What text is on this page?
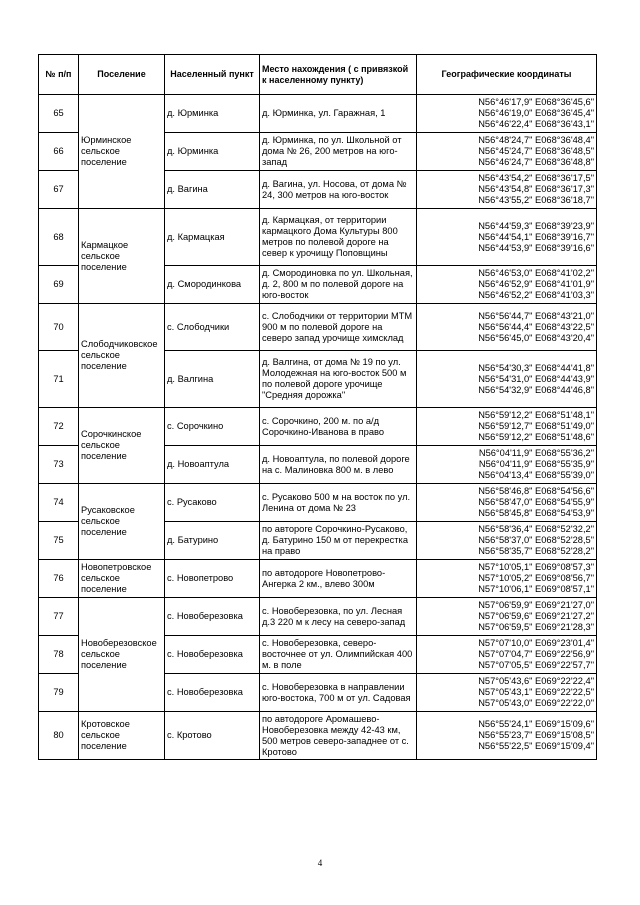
№ п/п	Поселение	Населенный пункт	Место нахождения ( с привязкой к населенному пункту)	Географические координаты
65	Юрминское сельское поселение	д. Юрминка	д. Юрминка, ул. Гаражная, 1	N56°46'17,9" E068°36'45,6"
N56°46'19,0" E068°36'45,4"
N56°46'22,4" E068°36'43,1"

66		д. Юрминка	д. Юрминка, по ул. Школьной от дома № 26, 200 метров на юго-запад	N56°48'24,7" E068°36'48,4"
N56°45'24,7" E068°36'48,5"
N56°46'24,7" E068°36'48,8"

67		д. Вагина	д. Вагина, ул. Носова, от дома № 24, 300 метров на юго-восток	N56°43'54,2" E068°36'17,5"
N56°43'54,8" E068°36'17,3"
N56°43'55,2" E068°36'18,7"

68	Кармацкое сельское поселение	д. Кармацкая	д. Кармацкая, от территории кармацкого Дома Культуры 800 метров по полевой дороге на север к урочищу Поповщины	N56°44'59,3" E068°39'23,9"
N56°44'54,1" E068°39'16,7"
N56°44'53,9" E068°39'16,6"

69		д. Смородинкова	д. Смородиновка по ул. Школьная, д. 2, 800 м по полевой дороге на юго-восток	N56°46'53,0" E068°41'02,2"
N56°46'52,9" E068°41'01,9"
N56°46'52,2" E068°41'03,3"

70	Слободчиковское сельское поселение	с. Слободчики	с. Слободчики от территории МТМ 900 м по полевой дороге на северо запад урочище химсклад	N56°56'44,7" E068°43'21,0"
N56°56'44,4" E068°43'22,5"
N56°56'45,0" E068°43'20,4"

71		д. Валгина	д. Валгина, от дома № 19 по ул. Молодежная на юго-восток 500 м по полевой дороге урочище "Средняя дорожка"	N56°54'30,3" E068°44'41,8"
N56°54'31,0" E068°44'43,9"
N56°54'32,9" E068°44'46,8"

72	Сорочкинское сельское поселение	с. Сорочкино	с. Сорочкино, 200 м. по а/д Сорочкино-Иванова в право	N56°59'12,2" E068°51'48,1"
N56°59'12,7" E068°51'49,0"
N56°59'12,2" E068°51'48,6"

73		д. Новоаптула	д. Новоаптула, по полевой дороге на с. Малиновка 800 м. в лево	N56°04'11,9" E068°55'36,2"
N56°04'11,9" E068°55'35,9"
N56°04'13,4" E068°55'39,0"

74	Русаковское сельское поселение	с. Русаково	с. Русаково 500 м на восток по ул. Ленина от дома № 23	N56°58'46,8" E068°54'56,6"
N56°58'47,0" E068°54'55,9"
N56°58'45,8" E068°54'53,9"

75		д. Батурино	по автороге Сорочкино-Русаково, д. Батурино 150 м от перекрестка на право	N56°58'36,4" E068°52'32,2"
N56°58'37,0" E068°52'28,5"
N56°58'35,7" E068°52'28,2"

76	Новопетровское сельское поселение	с. Новопетрово	по автодороге Новопетрово-Ангерка 2 км., влево 300м	N57°10'05,1" E069°08'57,3"
N57°10'05,2" E069°08'56,7"
N57°10'06,1" E069°08'57,1"

77	Новоберезовское сельское поселение	с. Новоберезовка	с. Новоберезовка, по ул. Лесная д.3 220 м к лесу на северо-запад	N57°06'59,9" E069°21'27,0"
N57°06'59,6" E069°21'27,2"
N57°06'59,5" E069°21'28,3"

78		с. Новоберезовка	с. Новоберезовка, северо-восточнее от ул. Олимпийская 400 м. в поле	N57°07'10,0" E069°23'01,4"
N57°07'04,7" E069°22'56,9"
N57°07'05,5" E069°22'57,7"

79		с. Новоберезовка	с. Новоберезовка в направлении юго-востока, 700 м от ул. Садовая	N57°05'43,6" E069°22'22,4"
N57°05'43,1" E069°22'22,5"
N57°05'43,0" E069°22'22,0"

80	Кротовское сельское поселение	с. Кротово	по автодороге Аромашево-Новоберезовка между 42-43 км, 500 метров северо-западнее от с. Кротово	N56°55'24,1" E069°15'09,6"
N56°55'23,7" E069°15'08,5"
N56°55'22,5" E069°15'09,4"
4
